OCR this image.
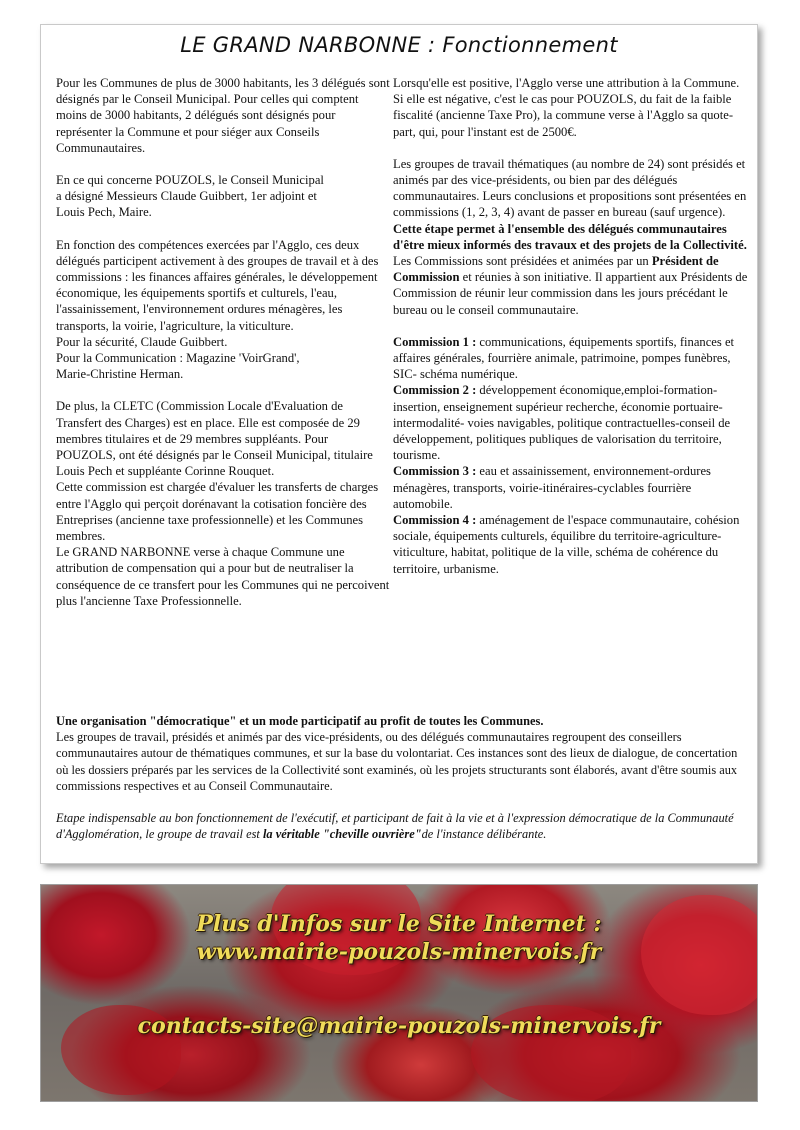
LE GRAND NARBONNE : Fonctionnement

Pour les Communes de plus de 3000 habitants, les 3 délégués sont désignés par le Conseil Municipal. Pour celles qui comptent moins de 3000 habitants, 2 délégués sont désignés pour représenter la Commune et pour siéger aux Conseils Communautaires.

En ce qui concerne POUZOLS, le Conseil Municipal

a désigné Messieurs Claude Guibbert, 1er adjoint et

Louis Pech, Maire.

En fonction des compétences exercées par l'Agglo, ces deux délégués participent activement à des groupes de travail et à des commissions : les finances affaires générales, le développement économique, les équipements sportifs et culturels, l'eau, l'assainissement, l'environnement ordures ménagères, les transports, la voirie, l'agriculture, la viticulture.

Pour la sécurité, Claude Guibbert.

Pour la Communication : Magazine 'VoirGrand',

Marie-Christine Herman.

De plus, la CLETC (Commission Locale d'Evaluation de Transfert des Charges) est en place. Elle est composée de 29 membres titulaires et de 29 membres suppléants. Pour POUZOLS, ont été désignés par le Conseil Municipal, titulaire Louis Pech et suppléante Corinne Rouquet.

Cette commission est chargée d'évaluer les transferts de charges entre l'Agglo qui perçoit dorénavant la cotisation foncière des Entreprises (ancienne taxe professionnelle) et les Communes membres.

Le GRAND NARBONNE verse à chaque Commune une attribution de compensation qui a pour but de neutraliser la conséquence de ce transfert pour les Communes qui ne percoivent plus l'ancienne Taxe Professionnelle.

Lorsqu'elle est positive, l'Agglo verse une attribution à la Commune.

Si elle est négative, c'est le cas pour POUZOLS, du fait de la faible fiscalité (ancienne Taxe Pro), la commune verse à l'Agglo sa quote-part, qui, pour l'instant est de 2500€.

Les groupes de travail thématiques (au nombre de 24) sont présidés et animés par des vice-présidents, ou bien par des délégués communautaires. Leurs conclusions et propositions sont présentées en commissions (1, 2, 3, 4) avant de passer en bureau (sauf urgence). Cette étape permet à l'ensemble des délégués communautaires d'être mieux informés des travaux et des projets de la Collectivité.

Les Commissions sont présidées et animées par un Président de Commission et réunies à son initiative. Il appartient aux Présidents de Commission de réunir leur commission dans les jours précédant le bureau ou le conseil communautaire.

Commission 1 : communications, équipements sportifs, finances et affaires générales, fourrière animale, patrimoine, pompes funèbres, SIC- schéma numérique.

Commission 2 : développement économique,emploi-formation-insertion, enseignement supérieur recherche, économie portuaire-intermodalité- voies navigables, politique contractuelles-conseil de développement, politiques publiques de valorisation du territoire, tourisme.

Commission 3 : eau et assainissement, environnement-ordures ménagères, transports, voirie-itinéraires-cyclables fourrière automobile.

Commission 4 : aménagement de l'espace communautaire, cohésion sociale, équipements culturels, équilibre du territoire-agriculture-viticulture, habitat, politique de la ville, schéma de cohérence du territoire, urbanisme.

Une organisation "démocratique" et un mode participatif au profit de toutes les Communes.

Les groupes de travail, présidés et animés par des vice-présidents, ou des délégués communautaires regroupent des conseillers communautaires autour de thématiques communes, et sur la base du volontariat. Ces instances sont des lieux de dialogue, de concertation où les dossiers préparés par les services de la Collectivité sont examinés, où les projets structurants sont élaborés, avant d'être soumis aux commissions respectives et au Conseil Communautaire.

Etape indispensable au bon fonctionnement de l'exécutif, et participant de fait à la vie et à l'expression démocratique de la Communauté d'Agglomération, le groupe de travail est la véritable "cheville ouvrière"de l'instance délibérante.

Plus d'Infos sur le Site Internet :
www.mairie-pouzols-minervois.fr
contacts-site@mairie-pouzols-minervois.fr
